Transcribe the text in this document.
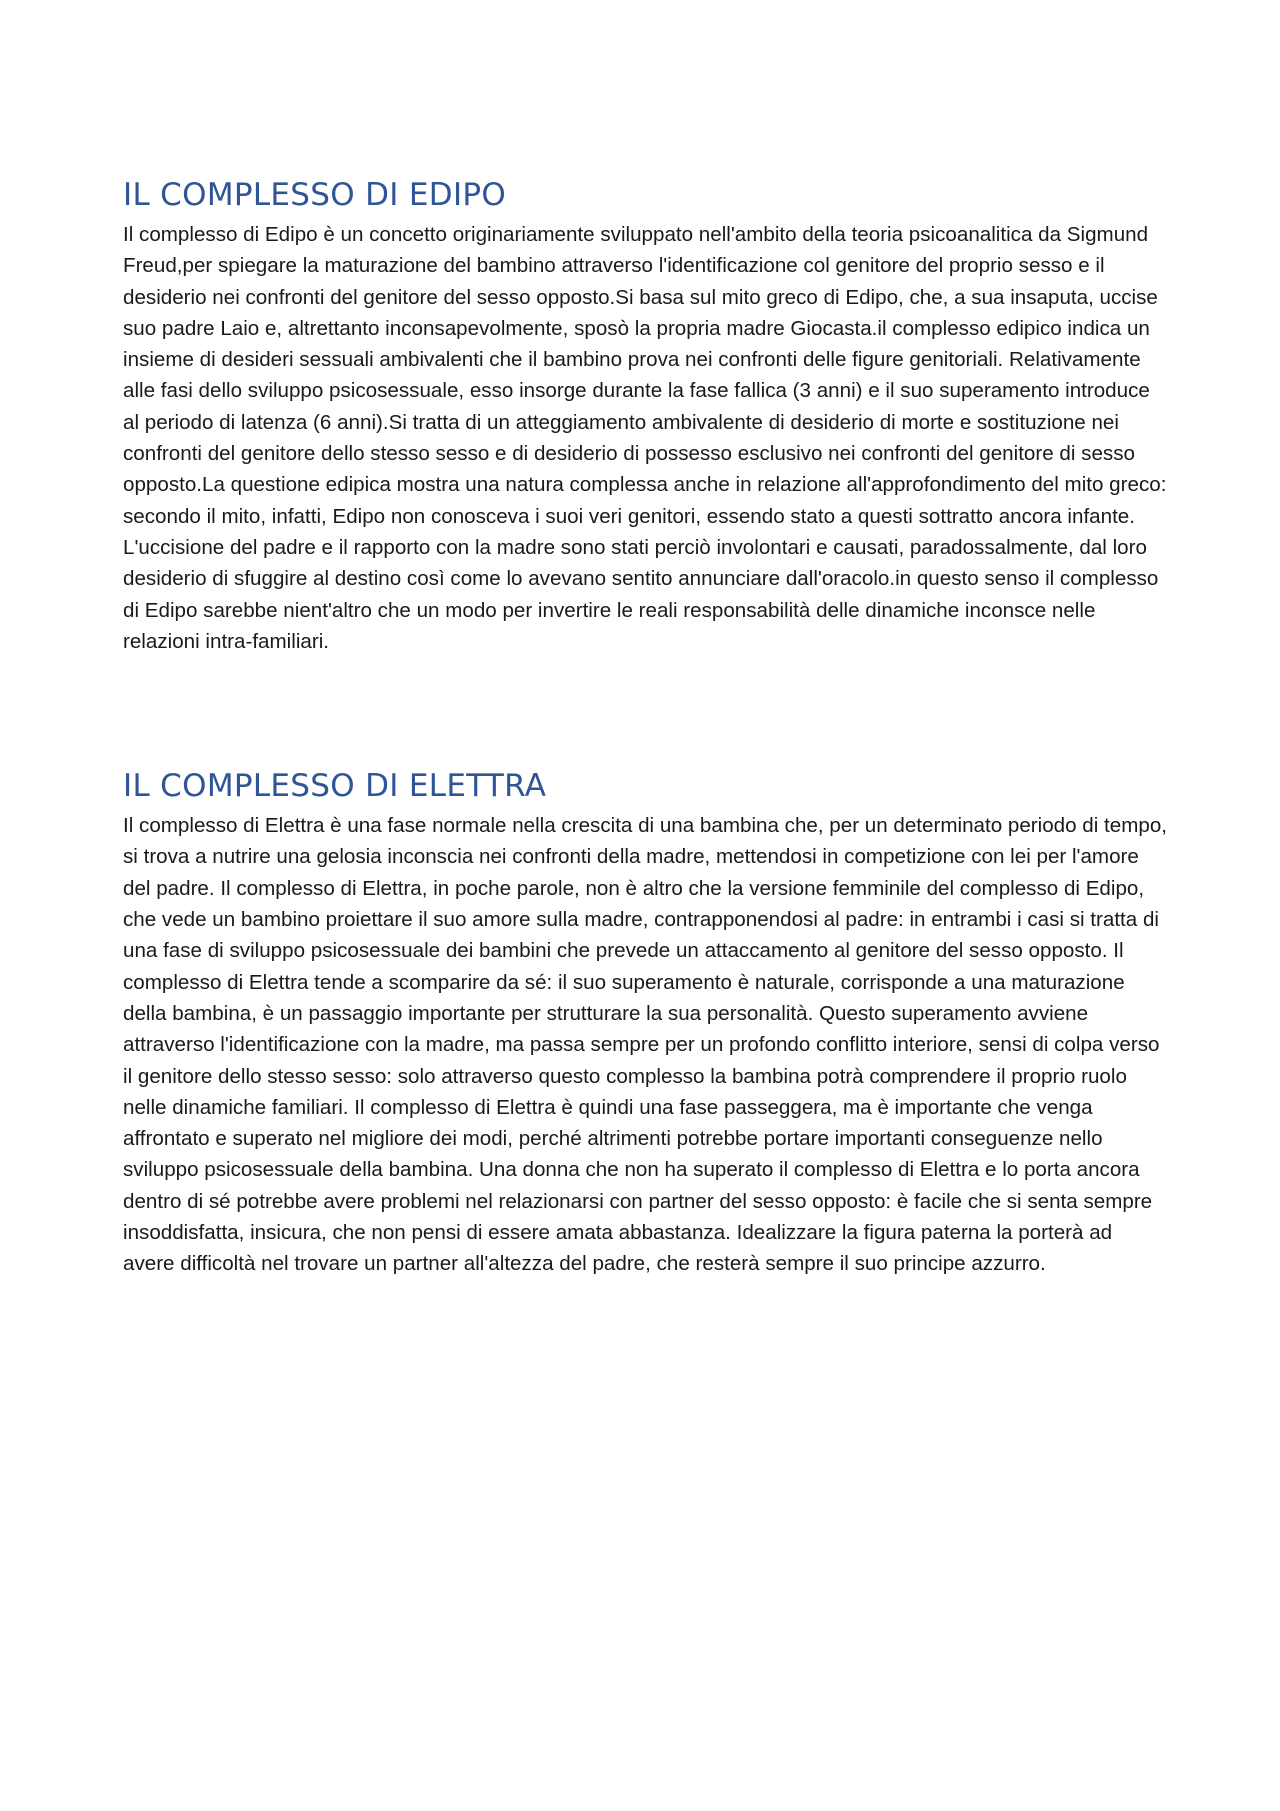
IL COMPLESSO DI EDIPO

Il complesso di Edipo è un concetto originariamente sviluppato nell'ambito della teoria psicoanalitica da Sigmund Freud,per spiegare la maturazione del bambino attraverso l'identificazione col genitore del proprio sesso e il desiderio nei confronti del genitore del sesso opposto.Si basa sul mito greco di Edipo, che, a sua insaputa, uccise suo padre Laio e, altrettanto inconsapevolmente, sposò la propria madre Giocasta.il complesso edipico indica un insieme di desideri sessuali ambivalenti che il bambino prova nei confronti delle figure genitoriali. Relativamente alle fasi dello sviluppo psicosessuale, esso insorge durante la fase fallica (3 anni) e il suo superamento introduce al periodo di latenza (6 anni).Si tratta di un atteggiamento ambivalente di desiderio di morte e sostituzione nei confronti del genitore dello stesso sesso e di desiderio di possesso esclusivo nei confronti del genitore di sesso opposto.La questione edipica mostra una natura complessa anche in relazione all'approfondimento del mito greco: secondo il mito, infatti, Edipo non conosceva i suoi veri genitori, essendo stato a questi sottratto ancora infante. L'uccisione del padre e il rapporto con la madre sono stati perciò involontari e causati, paradossalmente, dal loro desiderio di sfuggire al destino così come lo avevano sentito annunciare dall'oracolo.in questo senso il complesso di Edipo sarebbe nient'altro che un modo per invertire le reali responsabilità delle dinamiche inconsce nelle relazioni intra-familiari.

IL COMPLESSO DI ELETTRA

Il complesso di Elettra è una fase normale nella crescita di una bambina che, per un determinato periodo di tempo, si trova a nutrire una gelosia inconscia nei confronti della madre, mettendosi in competizione con lei per l'amore del padre. Il complesso di Elettra, in poche parole, non è altro che la versione femminile del complesso di Edipo, che vede un bambino proiettare il suo amore sulla madre, contrapponendosi al padre: in entrambi i casi si tratta di una fase di sviluppo psicosessuale dei bambini che prevede un attaccamento al genitore del sesso opposto. Il complesso di Elettra tende a scomparire da sé: il suo superamento è naturale, corrisponde a una maturazione della bambina, è un passaggio importante per strutturare la sua personalità. Questo superamento avviene attraverso l'identificazione con la madre, ma passa sempre per un profondo conflitto interiore, sensi di colpa verso il genitore dello stesso sesso: solo attraverso questo complesso la bambina potrà comprendere il proprio ruolo nelle dinamiche familiari. Il complesso di Elettra è quindi una fase passeggera, ma è importante che venga affrontato e superato nel migliore dei modi, perché altrimenti potrebbe portare importanti conseguenze nello sviluppo psicosessuale della bambina. Una donna che non ha superato il complesso di Elettra e lo porta ancora dentro di sé potrebbe avere problemi nel relazionarsi con partner del sesso opposto: è facile che si senta sempre insoddisfatta, insicura, che non pensi di essere amata abbastanza. Idealizzare la figura paterna la porterà ad avere difficoltà nel trovare un partner all'altezza del padre, che resterà sempre il suo principe azzurro.
